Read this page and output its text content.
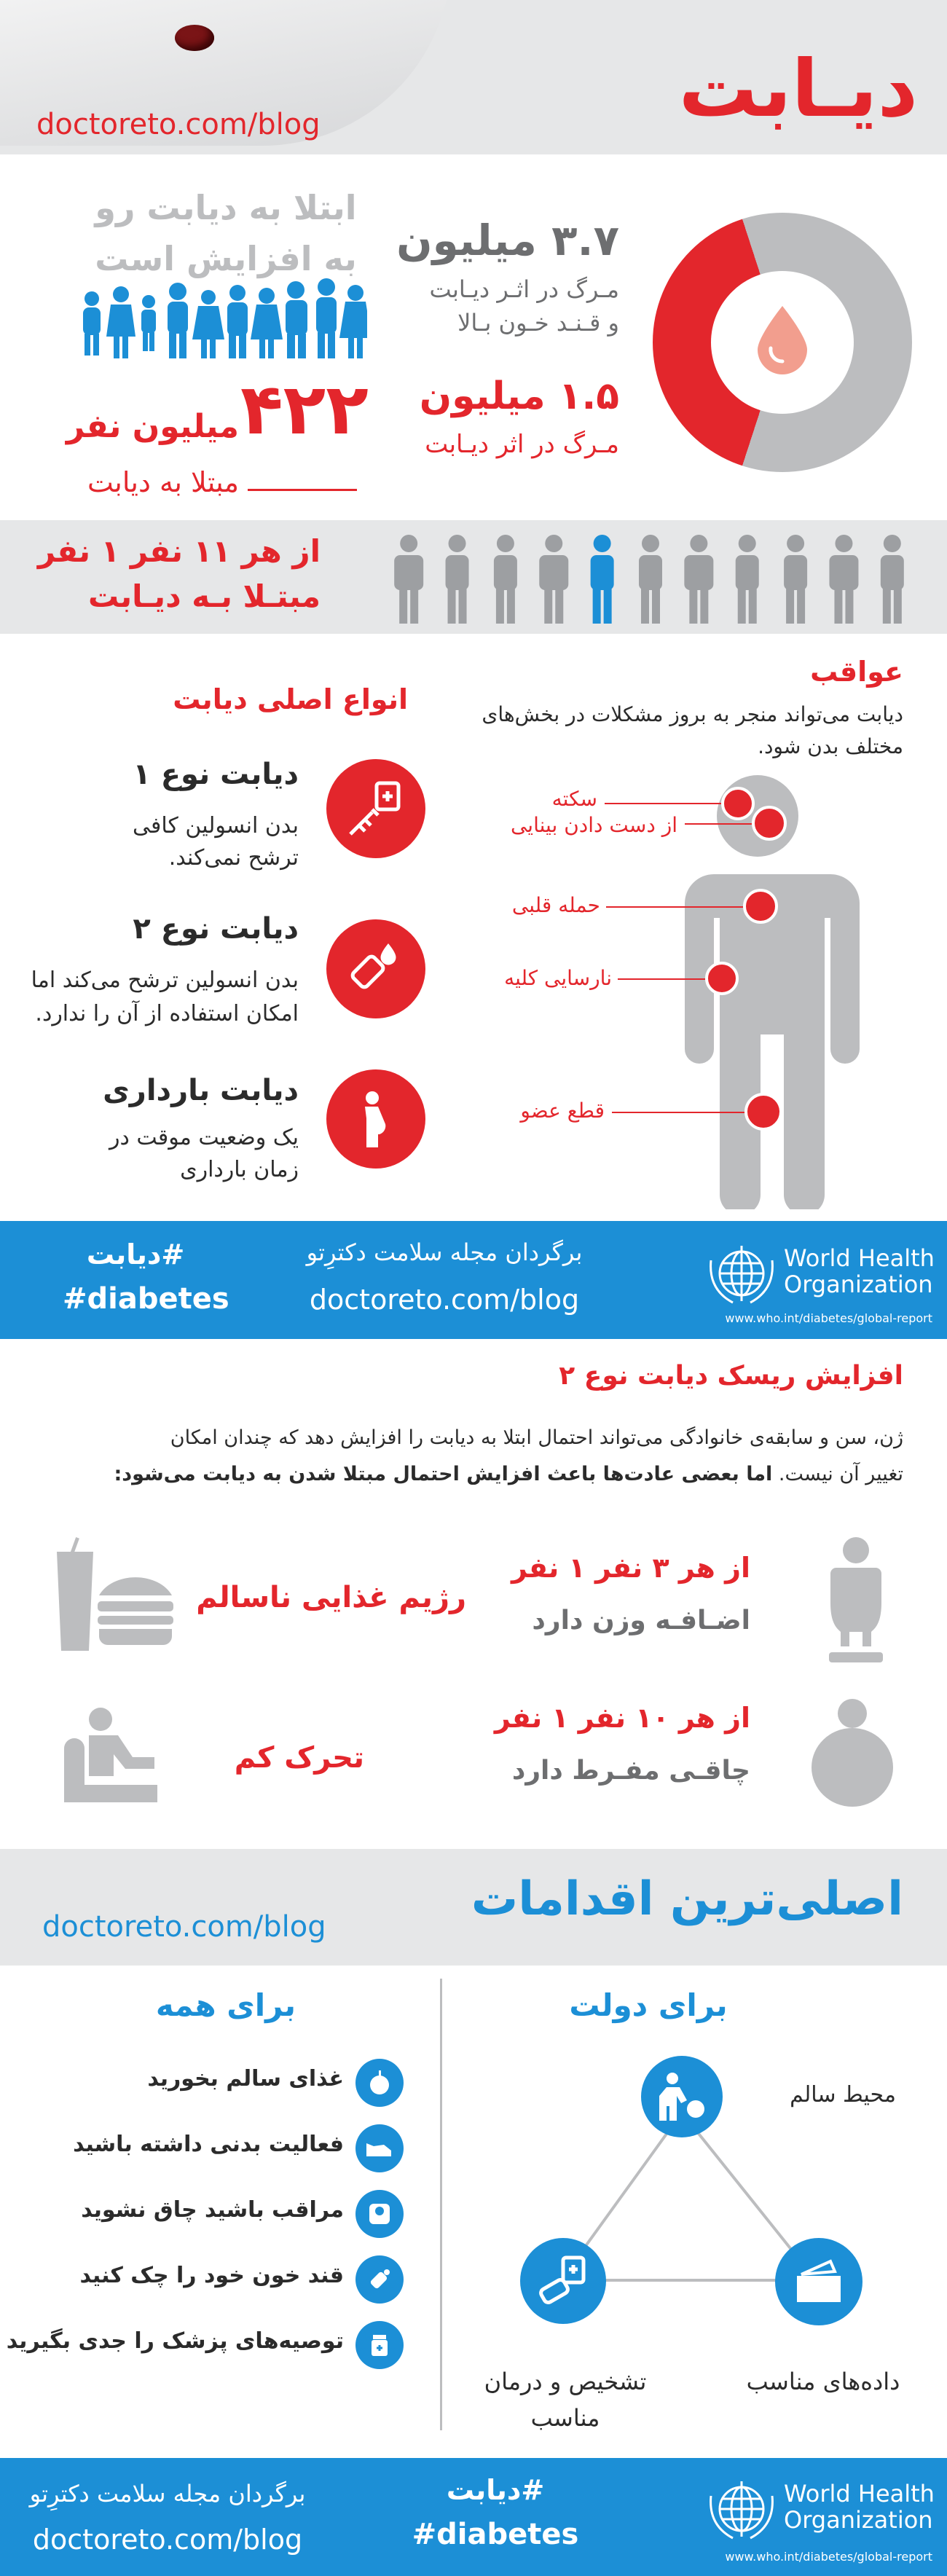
دیـابت
doctoreto.com/blog
ابتلا به دیابت رو
به افزایش است
۴۲۲
میلیون نفر
مبتلا به دیابت
۳.۷ میلیون
مـرگ در اثـر دیـابت
و قـنـد خـون بـالا
۱.۵ میلیون
مـرگ در اثر دیـابت
از هر ۱۱ نفر ۱ نفر
مبتـلا بـه دیـابت
انواع اصلی دیابت
دیابت نوع ۱
بدن انسولین کافی
ترشح نمی‌کند.
دیابت نوع ۲
بدن انسولین ترشح می‌کند اما
امکان استفاده از آن را ندارد.
دیابت بارداری
یک وضعیت موقت در
زمان بارداری
عواقب
دیابت می‌تواند منجر به بروز مشکلات در بخش‌های
مختلف بدن شود.
سکته
از دست دادن بینایی
حمله قلبی
نارسایی کلیه
قطع عضو
#دیابت
#diabetes
برگردان مجله سلامت دکترِتو
doctoreto.com/blog
World Health
Organization
www.who.int/diabetes/global-report
افزایش ریسک دیابت نوع ۲
ژن، سن و سابقه‌ی خانوادگی می‌تواند احتمال ابتلا به دیابت را افزایش دهد که چندان امکان
تغییر آن نیست. اما بعضی عادت‌ها باعث افزایش احتمال مبتلا شدن به دیابت می‌شود:
از هر ۳ نفر ۱ نفر
اضـافـه وزن دارد
از هر ۱۰ نفر ۱ نفر
چاقـی مفـرط دارد
رژیم غذایی ناسالم
تحرک کم
اصلی‌ترین اقدامات
doctoreto.com/blog
برای دولت
برای همه
محیط سالم
تشخیص و درمان
مناسب
داده‌های مناسب
غذای سالم بخورید
فعالیت بدنی داشته باشید
مراقب باشید چاق نشوید
قند خون خود را چک کنید
توصیه‌های پزشک را جدی بگیرید
برگردان مجله سلامت دکترِتو
doctoreto.com/blog
#دیابت
#diabetes
World Health
Organization
www.who.int/diabetes/global-report
